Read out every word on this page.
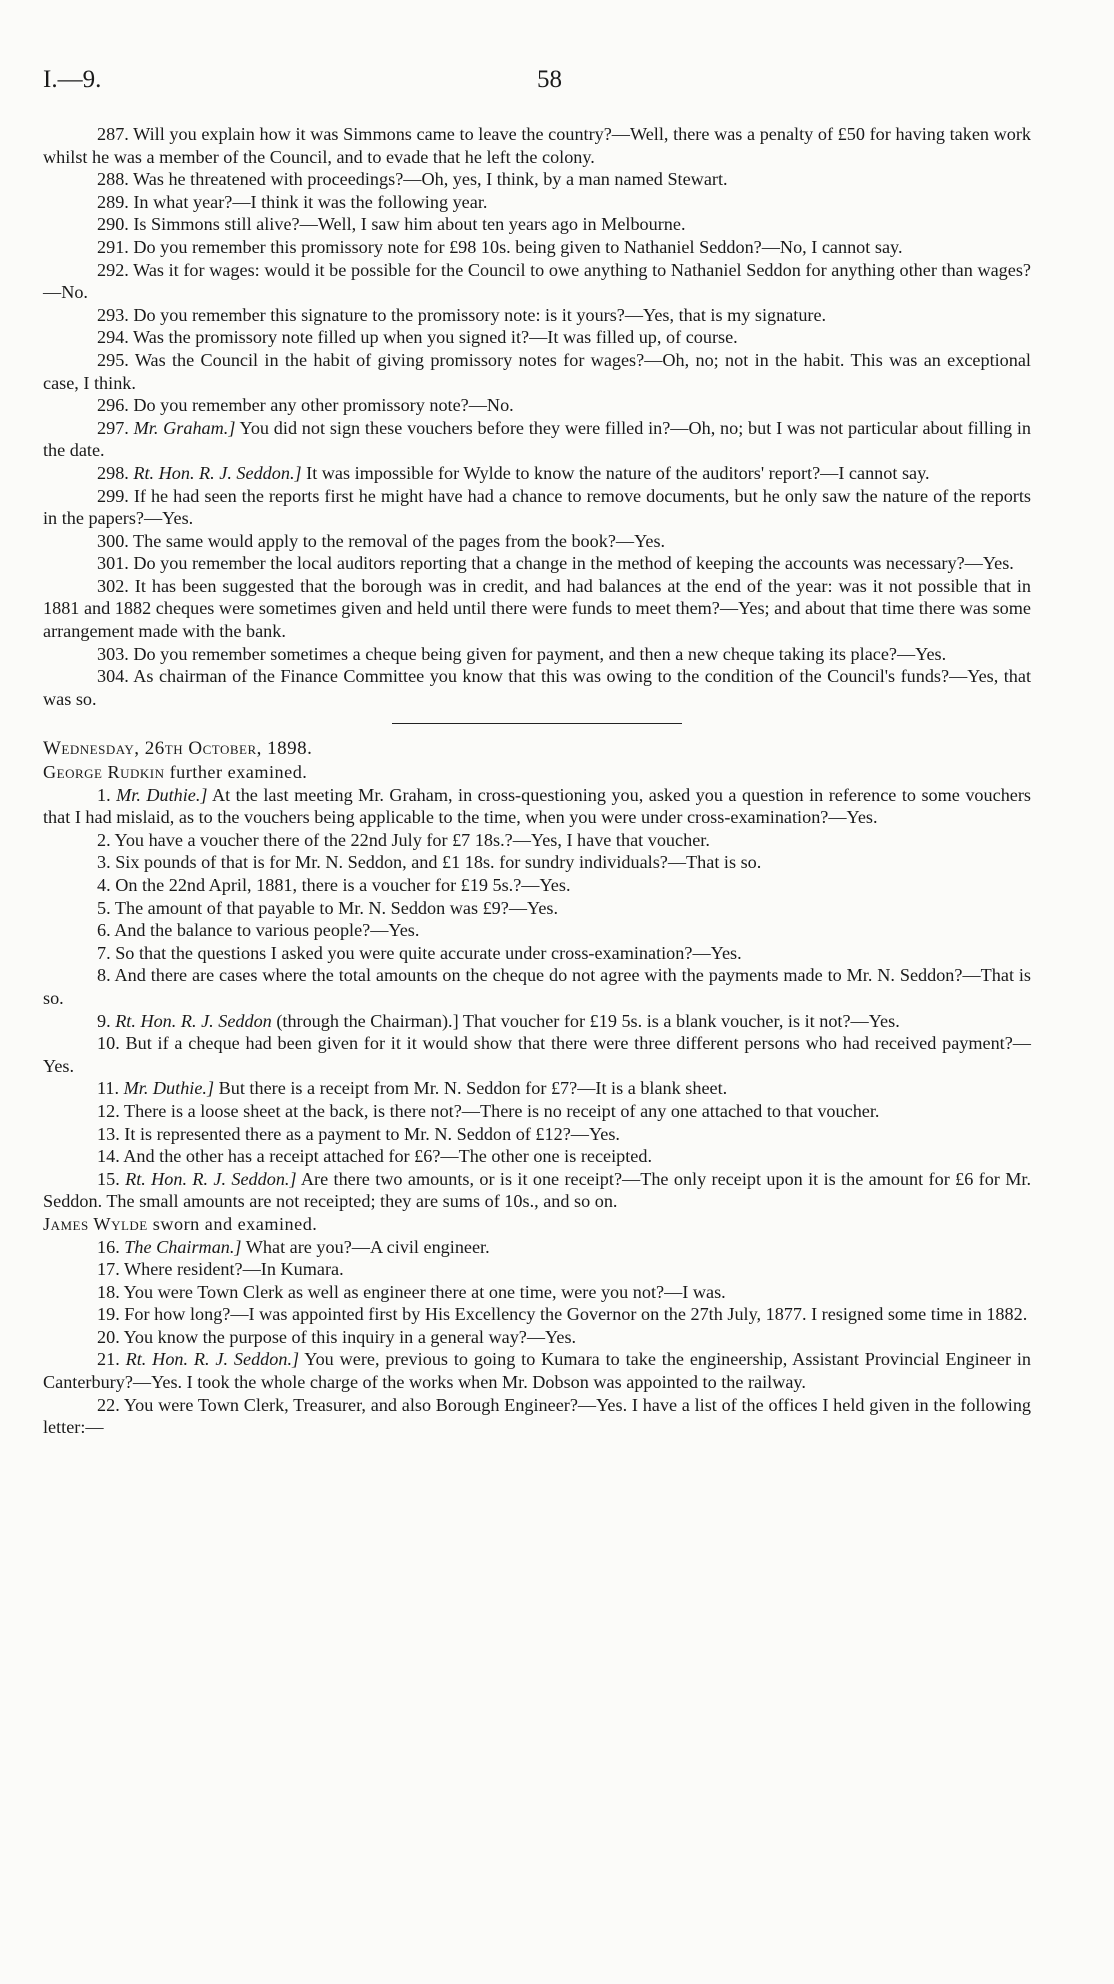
I.—9.	58

287. Will you explain how it was Simmons came to leave the country?—Well, there was a penalty of £50 for having taken work whilst he was a member of the Council, and to evade that he left the colony.

288. Was he threatened with proceedings?—Oh, yes, I think, by a man named Stewart.

289. In what year?—I think it was the following year.

290. Is Simmons still alive?—Well, I saw him about ten years ago in Melbourne.

291. Do you remember this promissory note for £98 10s. being given to Nathaniel Seddon?—No, I cannot say.

292. Was it for wages: would it be possible for the Council to owe anything to Nathaniel Seddon for anything other than wages?—No.

293. Do you remember this signature to the promissory note: is it yours?—Yes, that is my signature.

294. Was the promissory note filled up when you signed it?—It was filled up, of course.

295. Was the Council in the habit of giving promissory notes for wages?—Oh, no; not in the habit. This was an exceptional case, I think.

296. Do you remember any other promissory note?—No.

297. Mr. Graham.] You did not sign these vouchers before they were filled in?—Oh, no; but I was not particular about filling in the date.

298. Rt. Hon. R. J. Seddon.] It was impossible for Wylde to know the nature of the auditors' report?—I cannot say.

299. If he had seen the reports first he might have had a chance to remove documents, but he only saw the nature of the reports in the papers?—Yes.

300. The same would apply to the removal of the pages from the book?—Yes.

301. Do you remember the local auditors reporting that a change in the method of keeping the accounts was necessary?—Yes.

302. It has been suggested that the borough was in credit, and had balances at the end of the year: was it not possible that in 1881 and 1882 cheques were sometimes given and held until there were funds to meet them?—Yes; and about that time there was some arrangement made with the bank.

303. Do you remember sometimes a cheque being given for payment, and then a new cheque taking its place?—Yes.

304. As chairman of the Finance Committee you know that this was owing to the condition of the Council's funds?—Yes, that was so.

Wednesday, 26th October, 1898.

George Rudkin further examined.

1. Mr. Duthie.] At the last meeting Mr. Graham, in cross-questioning you, asked you a question in reference to some vouchers that I had mislaid, as to the vouchers being applicable to the time, when you were under cross-examination?—Yes.

2. You have a voucher there of the 22nd July for £7 18s.?—Yes, I have that voucher.

3. Six pounds of that is for Mr. N. Seddon, and £1 18s. for sundry individuals?—That is so.

4. On the 22nd April, 1881, there is a voucher for £19 5s.?—Yes.

5. The amount of that payable to Mr. N. Seddon was £9?—Yes.

6. And the balance to various people?—Yes.

7. So that the questions I asked you were quite accurate under cross-examination?—Yes.

8. And there are cases where the total amounts on the cheque do not agree with the payments made to Mr. N. Seddon?—That is so.

9. Rt. Hon. R. J. Seddon (through the Chairman).] That voucher for £19 5s. is a blank voucher, is it not?—Yes.

10. But if a cheque had been given for it it would show that there were three different persons who had received payment?—Yes.

11. Mr. Duthie.] But there is a receipt from Mr. N. Seddon for £7?—It is a blank sheet.

12. There is a loose sheet at the back, is there not?—There is no receipt of any one attached to that voucher.

13. It is represented there as a payment to Mr. N. Seddon of £12?—Yes.

14. And the other has a receipt attached for £6?—The other one is receipted.

15. Rt. Hon. R. J. Seddon.] Are there two amounts, or is it one receipt?—The only receipt upon it is the amount for £6 for Mr. Seddon. The small amounts are not receipted; they are sums of 10s., and so on.

James Wylde sworn and examined.

16. The Chairman.] What are you?—A civil engineer.

17. Where resident?—In Kumara.

18. You were Town Clerk as well as engineer there at one time, were you not?—I was.

19. For how long?—I was appointed first by His Excellency the Governor on the 27th July, 1877. I resigned some time in 1882.

20. You know the purpose of this inquiry in a general way?—Yes.

21. Rt. Hon. R. J. Seddon.] You were, previous to going to Kumara to take the engineership, Assistant Provincial Engineer in Canterbury?—Yes. I took the whole charge of the works when Mr. Dobson was appointed to the railway.

22. You were Town Clerk, Treasurer, and also Borough Engineer?—Yes. I have a list of the offices I held given in the following letter:—
